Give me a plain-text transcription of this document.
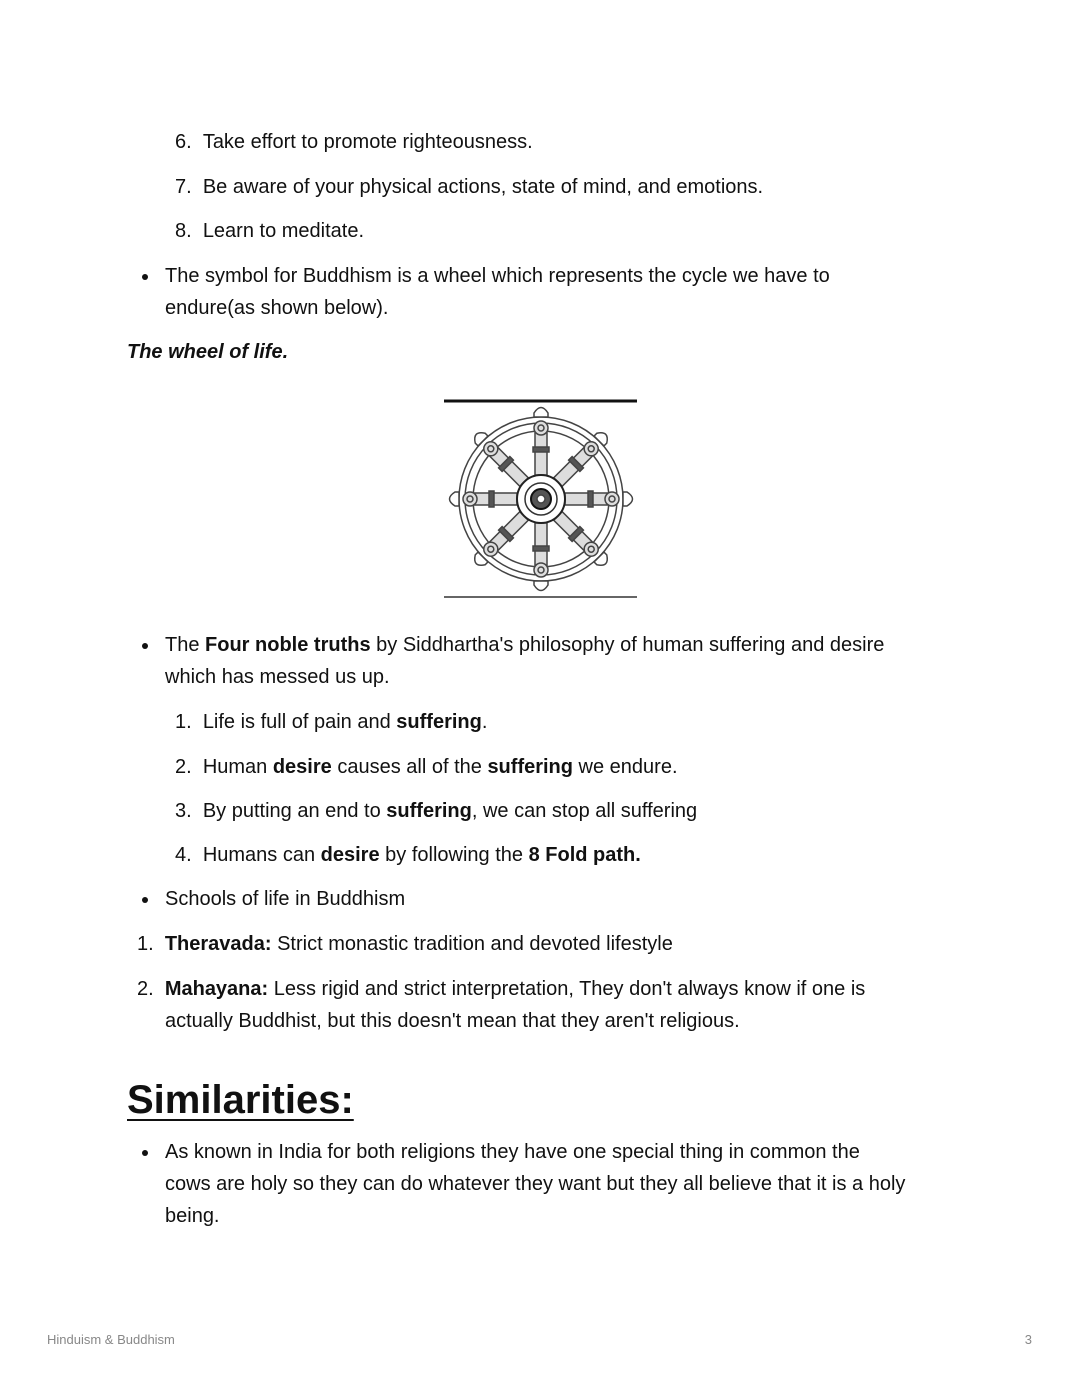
6. Take effort to promote righteousness.
7. Be aware of your physical actions, state of mind, and emotions.
8. Learn to meditate.
The symbol for Buddhism is a wheel which represents the cycle we have to
endure(as shown below).
The wheel of life.
The Four noble truths by Siddhartha's philosophy of human suffering and desire
which has messed us up.
1. Life is full of pain and suffering.
2. Human desire causes all of the suffering we endure.
3. By putting an end to suffering, we can stop all suffering
4. Humans can desire by following the 8 Fold path.
Schools of life in Buddhism
1. Theravada: Strict monastic tradition and devoted lifestyle
2. Mahayana: Less rigid and strict interpretation, They don't always know if one is
actually Buddhist, but this doesn't mean that they aren't religious.
Similarities:
As known in India for both religions they have one special thing in common the
cows are holy so they can do whatever they want but they all believe that it is a holy
being.
Hinduism & Buddhism	3
